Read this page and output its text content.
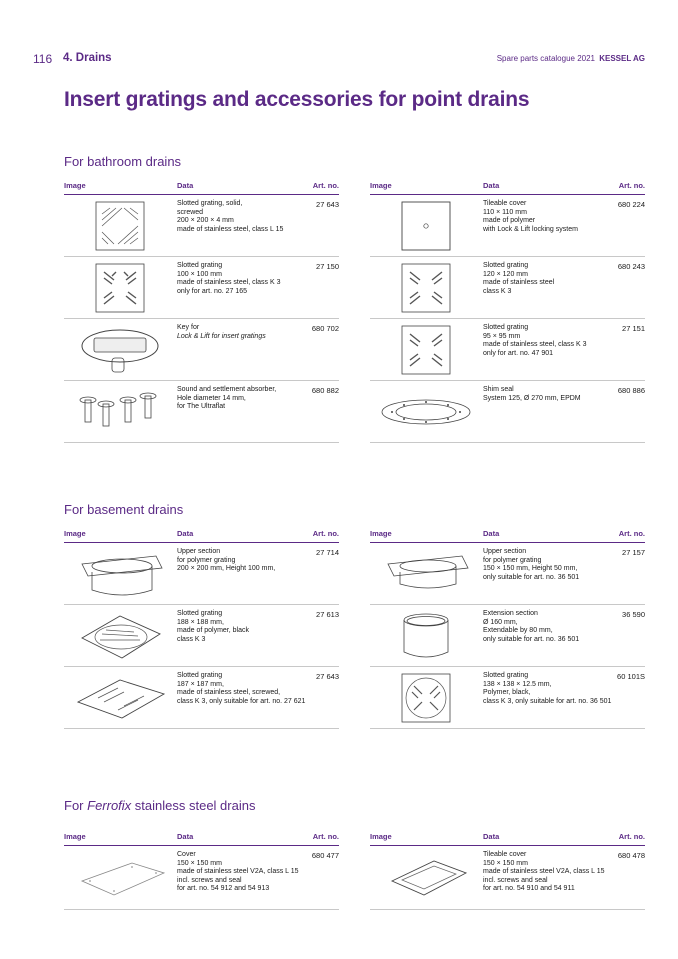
116 4. Drains	Spare parts catalogue 2021 KESSEL AG
Insert gratings and accessories for point drains
For bathroom drains
Image	Data	Art. no.
Slotted grating, solid,
screwed
200 × 200 × 4 mm
made of stainless steel, class L 15
27 643
Slotted grating
100 × 100 mm
made of stainless steel, class K 3
only for art. no. 27 165
27 150
Key for
Lock & Lift for insert gratings
680 702
Sound and settlement absorber,
Hole diameter 14 mm,
for The Ultraflat
680 882
Image	Data	Art. no.
Tileable cover
110 × 110 mm
made of polymer
with Lock & Lift locking system
680 224
Slotted grating
120 × 120 mm
made of stainless steel
class K 3
680 243
Slotted grating
95 × 95 mm
made of stainless steel, class K 3
only for art. no. 47 901
27 151
Shim seal
System 125, Ø 270 mm, EPDM
680 886
For basement drains
Image	Data	Art. no.
Upper section
for polymer grating
200 × 200 mm, Height 100 mm,
27 714
Slotted grating
188 × 188 mm,
made of polymer, black
class K 3
27 613
Slotted grating
187 × 187 mm,
made of stainless steel, screwed,
class K 3, only suitable for art. no. 27 621
27 643
Image	Data	Art. no.
Upper section
for polymer grating
150 × 150 mm, Height 50 mm,
only suitable for art. no. 36 501
27 157
Extension section
Ø 160 mm,
Extendable by 80 mm,
only suitable for art. no. 36 501
36 590
Slotted grating
138 × 138 × 12.5 mm,
Polymer, black,
class K 3, only suitable for art. no. 36 501
60 101S
For Ferrofix stainless steel drains
Image	Data	Art. no.
Cover
150 × 150 mm
made of stainless steel V2A, class L 15
incl. screws and seal
for art. no. 54 912 and 54 913
680 477
Image	Data	Art. no.
Tileable cover
150 × 150 mm
made of stainless steel V2A, class L 15
incl. screws and seal
for art. no. 54 910 and 54 911
680 478
